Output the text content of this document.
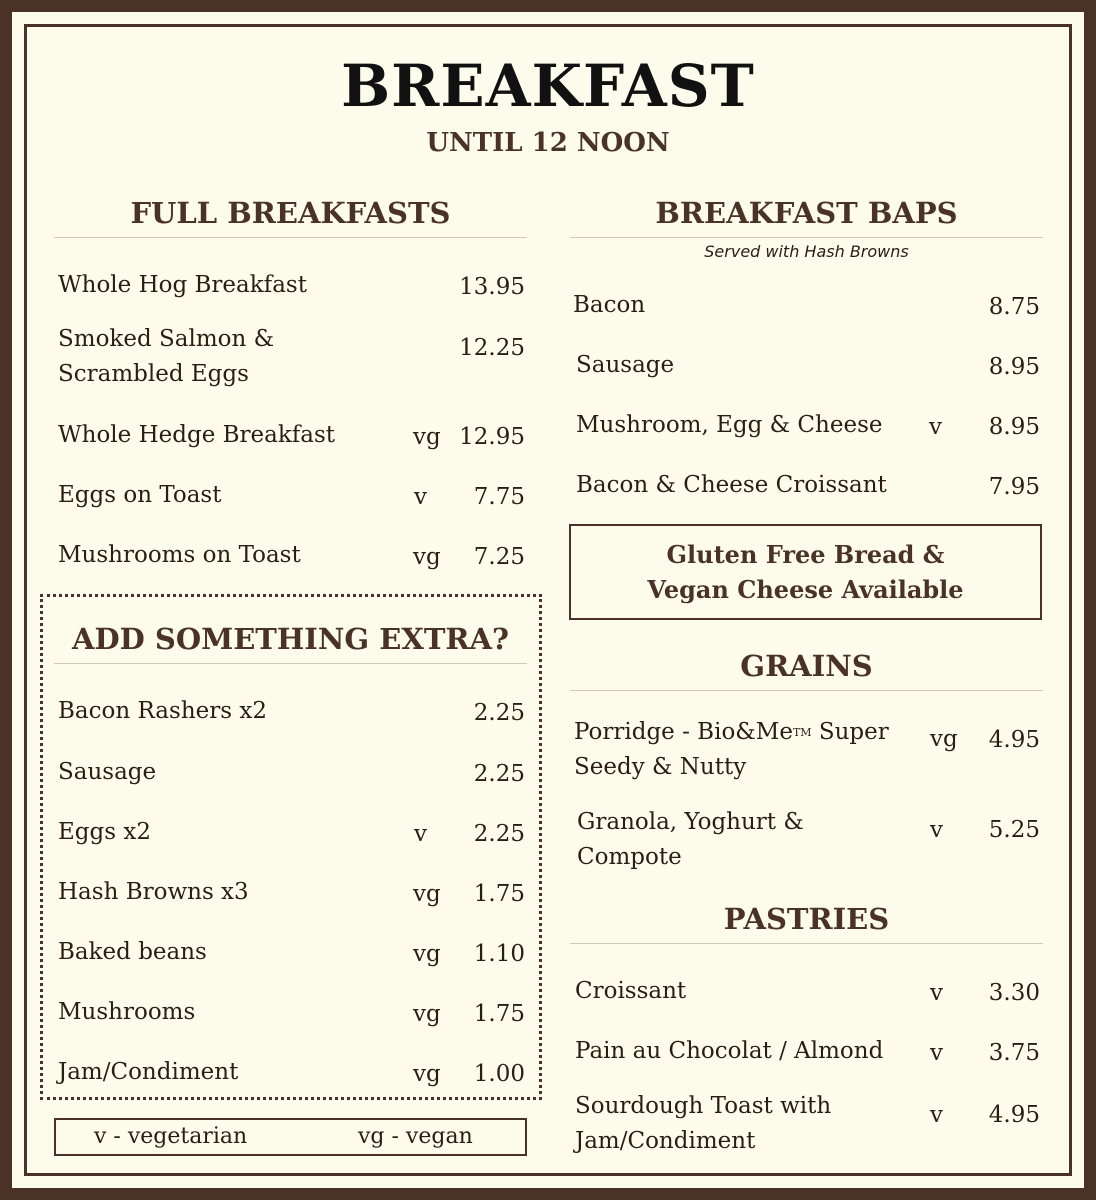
BREAKFAST
UNTIL 12 NOON
FULL BREAKFASTS
Whole Hog Breakfast	13.95
Smoked Salmon &
Scrambled Eggs
12.25
Whole Hedge Breakfast	vg 12.95
Eggs on Toast	v	7.75
Mushrooms on Toast	vg	7.25
ADD SOMETHING EXTRA?
Bacon Rashers x2	2.25
Sausage	2.25
Eggs x2	v	2.25
Hash Browns x3	vg	1.75
Baked beans	vg	1.10
Mushrooms	vg	1.75
Jam/Condiment	vg	1.00
v - vegetarian	vg - vegan
BREAKFAST BAPS
Served with Hash Browns
Bacon	8.75
Sausage	8.95
Mushroom, Egg & Cheese v	8.95
Bacon & Cheese Croissant	7.95
Gluten Free Bread &
Vegan Cheese Available
GRAINS
Porridge - Bio&MeTM Super
Seedy & Nutty
vg	4.95
Granola, Yoghurt &
Compote
v	5.25
PASTRIES
Croissant	v	3.30
Pain au Chocolat / Almond v	3.75
Sourdough Toast with
Jam/Condiment
v	4.95
